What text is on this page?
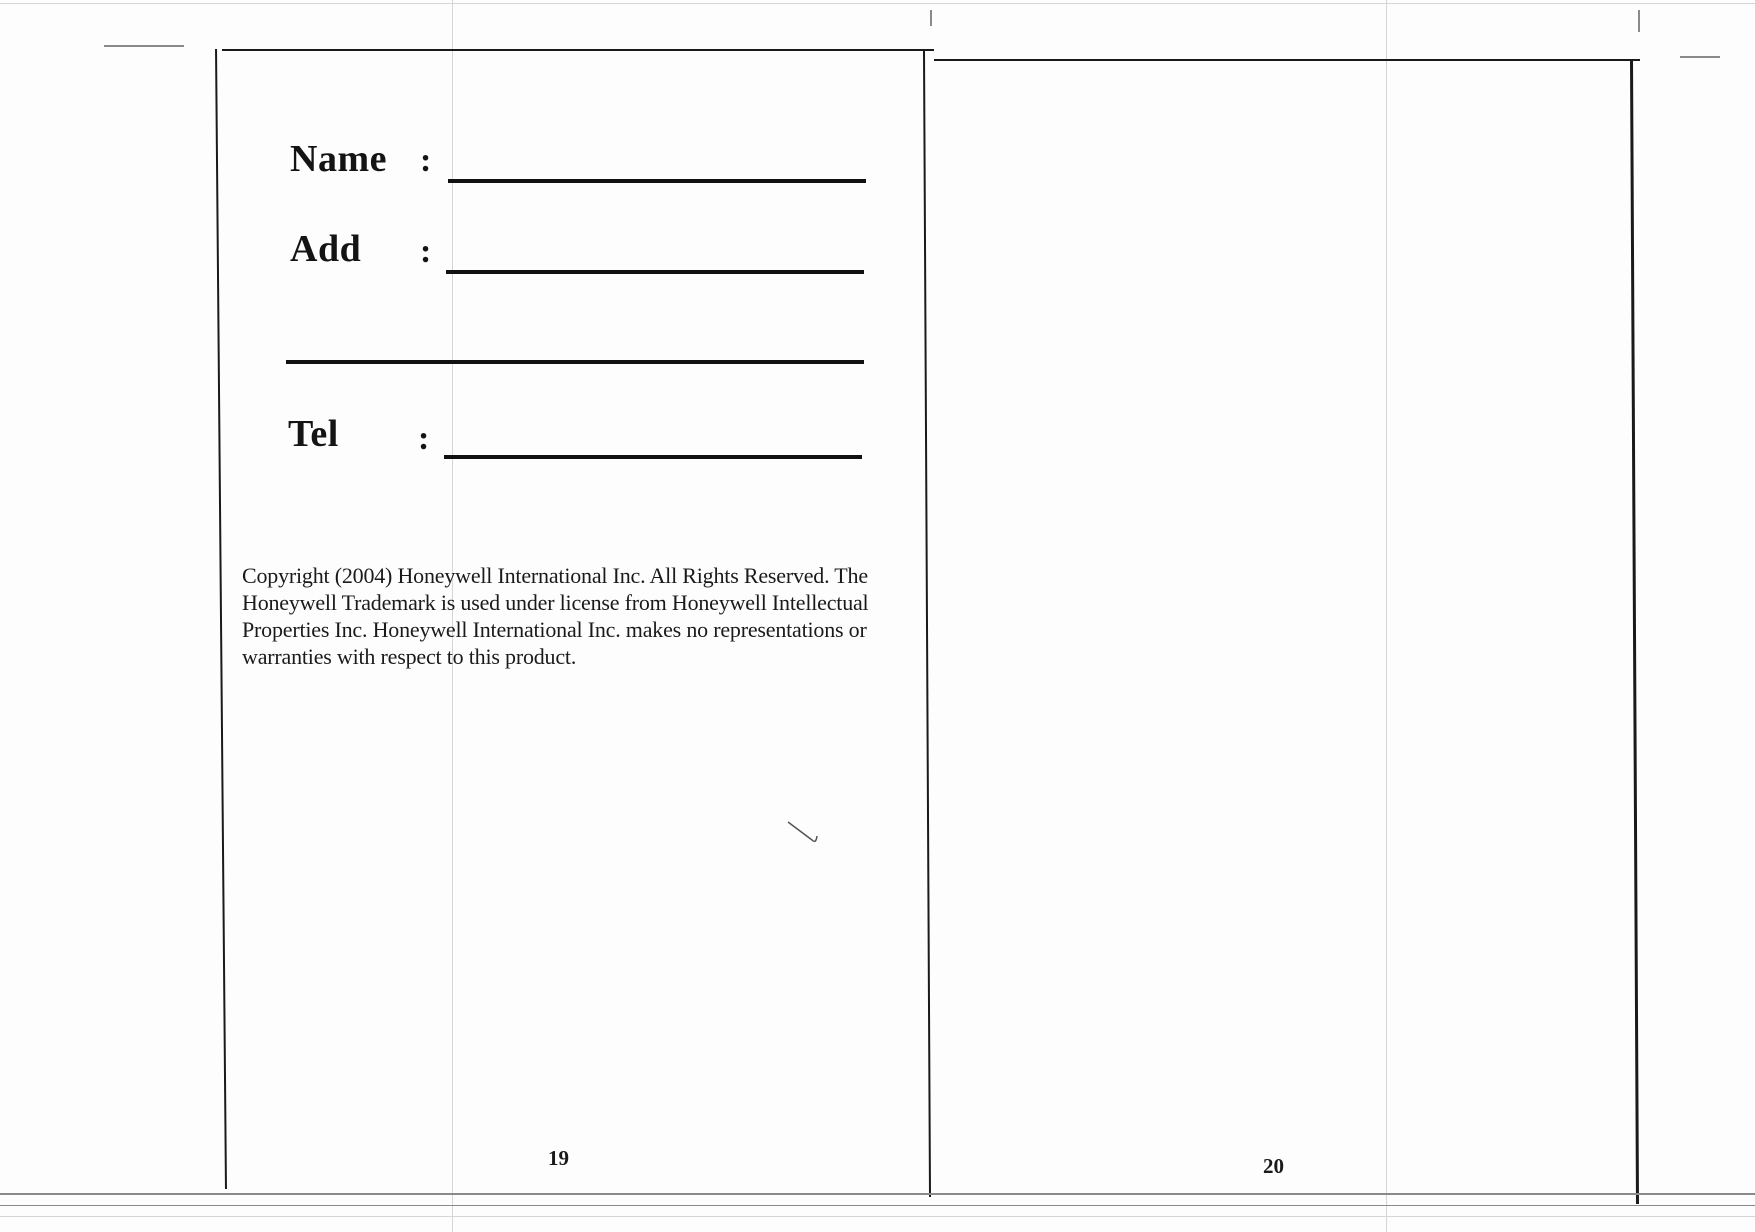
Name :
Add :
Tel :
Copyright (2004) Honeywell International Inc. All Rights Reserved. The Honeywell Trademark is used under license from Honeywell Intellectual Properties Inc. Honeywell International Inc. makes no representations or warranties with respect to this product.
19	20
